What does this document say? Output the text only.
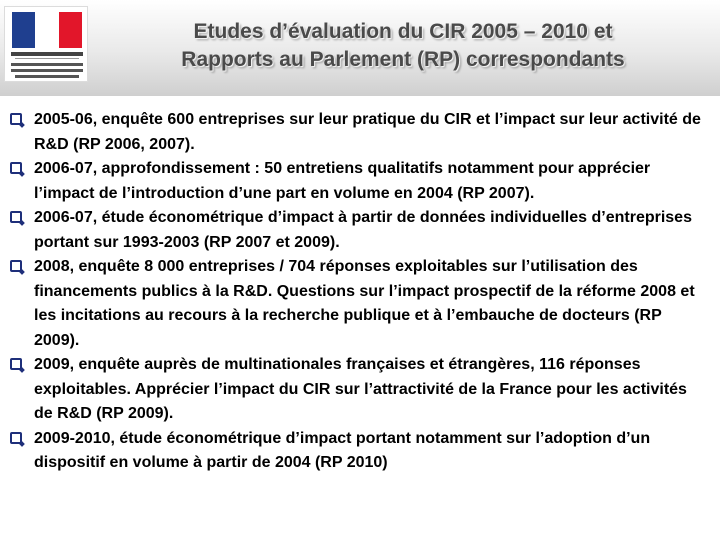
Etudes d’évaluation du CIR 2005 – 2010 et
Rapports au Parlement (RP) correspondants
2005-06, enquête 600 entreprises sur leur pratique du CIR et l’impact sur leur activité de R&D (RP 2006, 2007).
2006-07, approfondissement : 50 entretiens qualitatifs notamment pour apprécier l’impact de l’introduction d’une part en volume en 2004 (RP 2007).
2006-07, étude économétrique d’impact à partir de données individuelles d’entreprises portant sur 1993-2003 (RP 2007 et 2009).
2008, enquête 8 000 entreprises / 704 réponses exploitables sur l’utilisation des financements publics à la R&D. Questions sur l’impact prospectif de la réforme 2008 et les incitations au recours à la recherche publique et à l’embauche de docteurs (RP 2009).
2009, enquête auprès de multinationales françaises et étrangères, 116 réponses exploitables. Apprécier l’impact du CIR sur l’attractivité de la France pour les activités de R&D (RP 2009).
2009-2010, étude économétrique d’impact portant notamment sur l’adoption d’un dispositif en volume à partir de 2004 (RP 2010)
